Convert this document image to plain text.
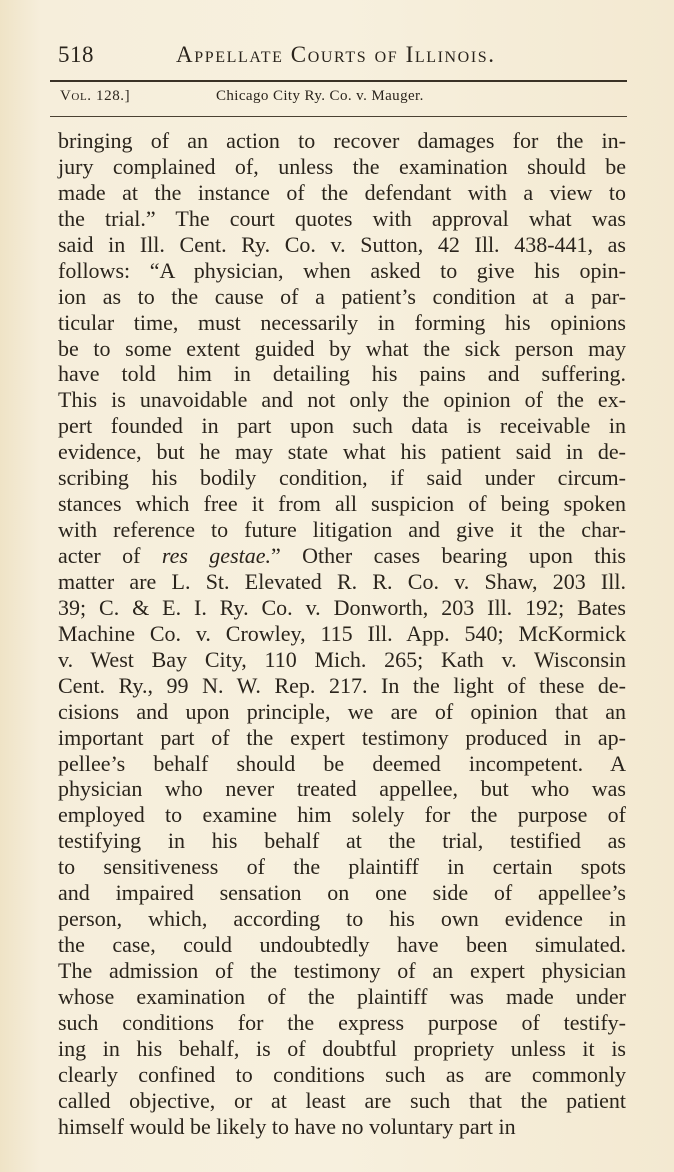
518	Appellate Courts of Illinois.
Vol. 128.]	Chicago City Ry. Co. v. Mauger.
bringing of an action to recover damages for the in-
jury complained of, unless the examination should be
made at the instance of the defendant with a view to
the trial.” The court quotes with approval what was
said in Ill. Cent. Ry. Co. v. Sutton, 42 Ill. 438-441, as
follows: “A physician, when asked to give his opin-
ion as to the cause of a patient’s condition at a par-
ticular time, must necessarily in forming his opinions
be to some extent guided by what the sick person may
have told him in detailing his pains and suffering.
This is unavoidable and not only the opinion of the ex-
pert founded in part upon such data is receivable in
evidence, but he may state what his patient said in de-
scribing his bodily condition, if said under circum-
stances which free it from all suspicion of being spoken
with reference to future litigation and give it the char-
acter of res gestae.” Other cases bearing upon this
matter are L. St. Elevated R. R. Co. v. Shaw, 203 Ill.
39; C. & E. I. Ry. Co. v. Donworth, 203 Ill. 192; Bates
Machine Co. v. Crowley, 115 Ill. App. 540; McKormick
v. West Bay City, 110 Mich. 265; Kath v. Wisconsin
Cent. Ry., 99 N. W. Rep. 217. In the light of these de-
cisions and upon principle, we are of opinion that an
important part of the expert testimony produced in ap-
pellee’s behalf should be deemed incompetent. A
physician who never treated appellee, but who was
employed to examine him solely for the purpose of
testifying in his behalf at the trial, testified as
to sensitiveness of the plaintiff in certain spots
and impaired sensation on one side of appellee’s
person, which, according to his own evidence in
the case, could undoubtedly have been simulated.
The admission of the testimony of an expert physician
whose examination of the plaintiff was made under
such conditions for the express purpose of testify-
ing in his behalf, is of doubtful propriety unless it is
clearly confined to conditions such as are commonly
called objective, or at least are such that the patient
himself would be likely to have no voluntary part in
